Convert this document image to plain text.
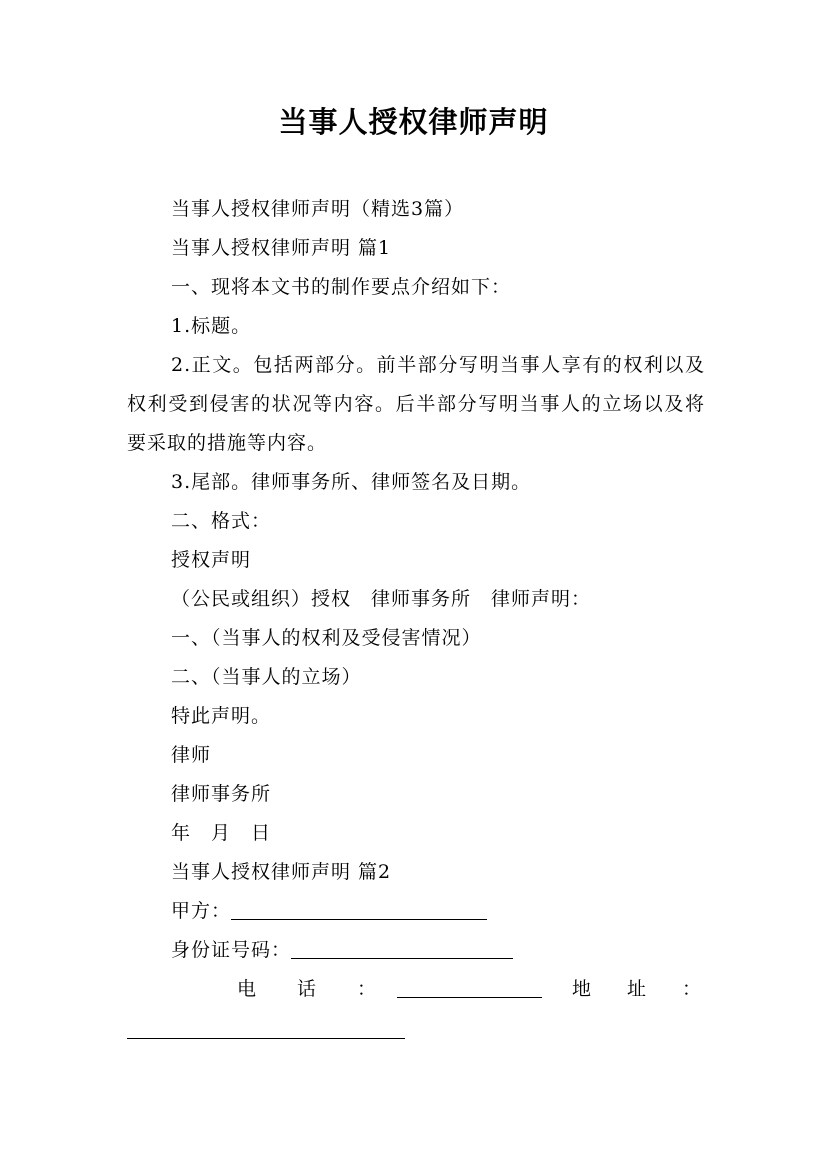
当事人授权律师声明

当事人授权律师声明（精选3篇）

当事人授权律师声明 篇1

一、现将本文书的制作要点介绍如下：

1.标题。

2.正文。包括两部分。前半部分写明当事人享有的权利以及权利受到侵害的状况等内容。后半部分写明当事人的立场以及将要采取的措施等内容。

3.尾部。律师事务所、律师签名及日期。

二、格式：

授权声明

（公民或组织）授权　律师事务所　律师声明：

一、（当事人的权利及受侵害情况）

二、（当事人的立场）

特此声明。

律师

律师事务所

年　月　日

当事人授权律师声明 篇2

甲方：

身份证号码：

电 话 ：	地 址 ：
